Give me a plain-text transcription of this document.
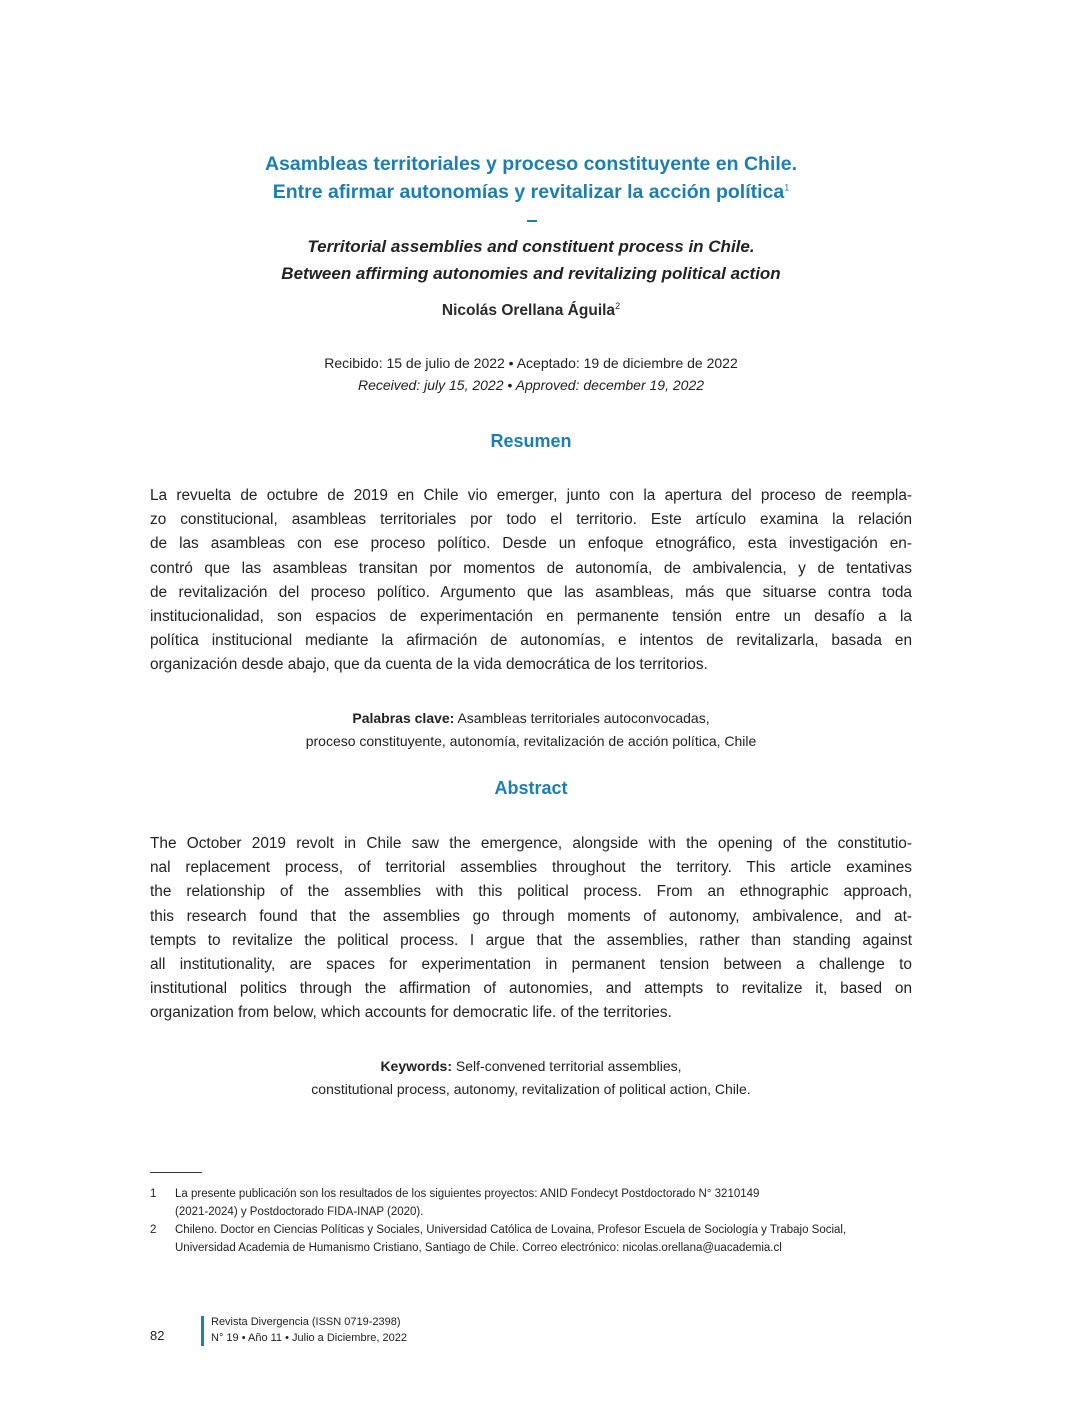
Asambleas territoriales y proceso constituyente en Chile.
Entre afirmar autonomías y revitalizar la acción política$^1$
Territorial assemblies and constituent process in Chile.
Between affirming autonomies and revitalizing political action
Nicolás Orellana Águila$^2$
Recibido: 15 de julio de 2022 • Aceptado: 19 de diciembre de 2022
Received: july 15, 2022 • Approved: december 19, 2022
Resumen

La revuelta de octubre de 2019 en Chile vio emerger, junto con la apertura del proceso de reempla-
zo constitucional, asambleas territoriales por todo el territorio. Este artículo examina la relación
de las asambleas con ese proceso político. Desde un enfoque etnográfico, esta investigación en-
contró que las asambleas transitan por momentos de autonomía, de ambivalencia, y de tentativas
de revitalización del proceso político. Argumento que las asambleas, más que situarse contra toda
institucionalidad, son espacios de experimentación en permanente tensión entre un desafío a la
política institucional mediante la afirmación de autonomías, e intentos de revitalizarla, basada en
organización desde abajo, que da cuenta de la vida democrática de los territorios.

Palabras clave: Asambleas territoriales autoconvocadas,
proceso constituyente, autonomía, revitalización de acción política, Chile
Abstract

The October 2019 revolt in Chile saw the emergence, alongside with the opening of the constitutio-
nal replacement process, of territorial assemblies throughout the territory. This article examines
the relationship of the assemblies with this political process. From an ethnographic approach,
this research found that the assemblies go through moments of autonomy, ambivalence, and at-
tempts to revitalize the political process. I argue that the assemblies, rather than standing against
all institutionality, are spaces for experimentation in permanent tension between a challenge to
institutional politics through the affirmation of autonomies, and attempts to revitalize it, based on
organization from below, which accounts for democratic life. of the territories.

Keywords: Self-convened territorial assemblies,
constitutional process, autonomy, revitalization of political action, Chile.
1 La presente publicación son los resultados de los siguientes proyectos: ANID Fondecyt Postdoctorado N° 3210149
(2021-2024) y Postdoctorado FIDA-INAP (2020).
2 Chileno. Doctor en Ciencias Políticas y Sociales, Universidad Católica de Lovaina, Profesor Escuela de Sociología y Trabajo Social,
Universidad Academia de Humanismo Cristiano, Santiago de Chile. Correo electrónico: nicolas.orellana@uacademia.cl
82
Revista Divergencia (ISSN 0719-2398)
N° 19 • Año 11 • Julio a Diciembre, 2022
